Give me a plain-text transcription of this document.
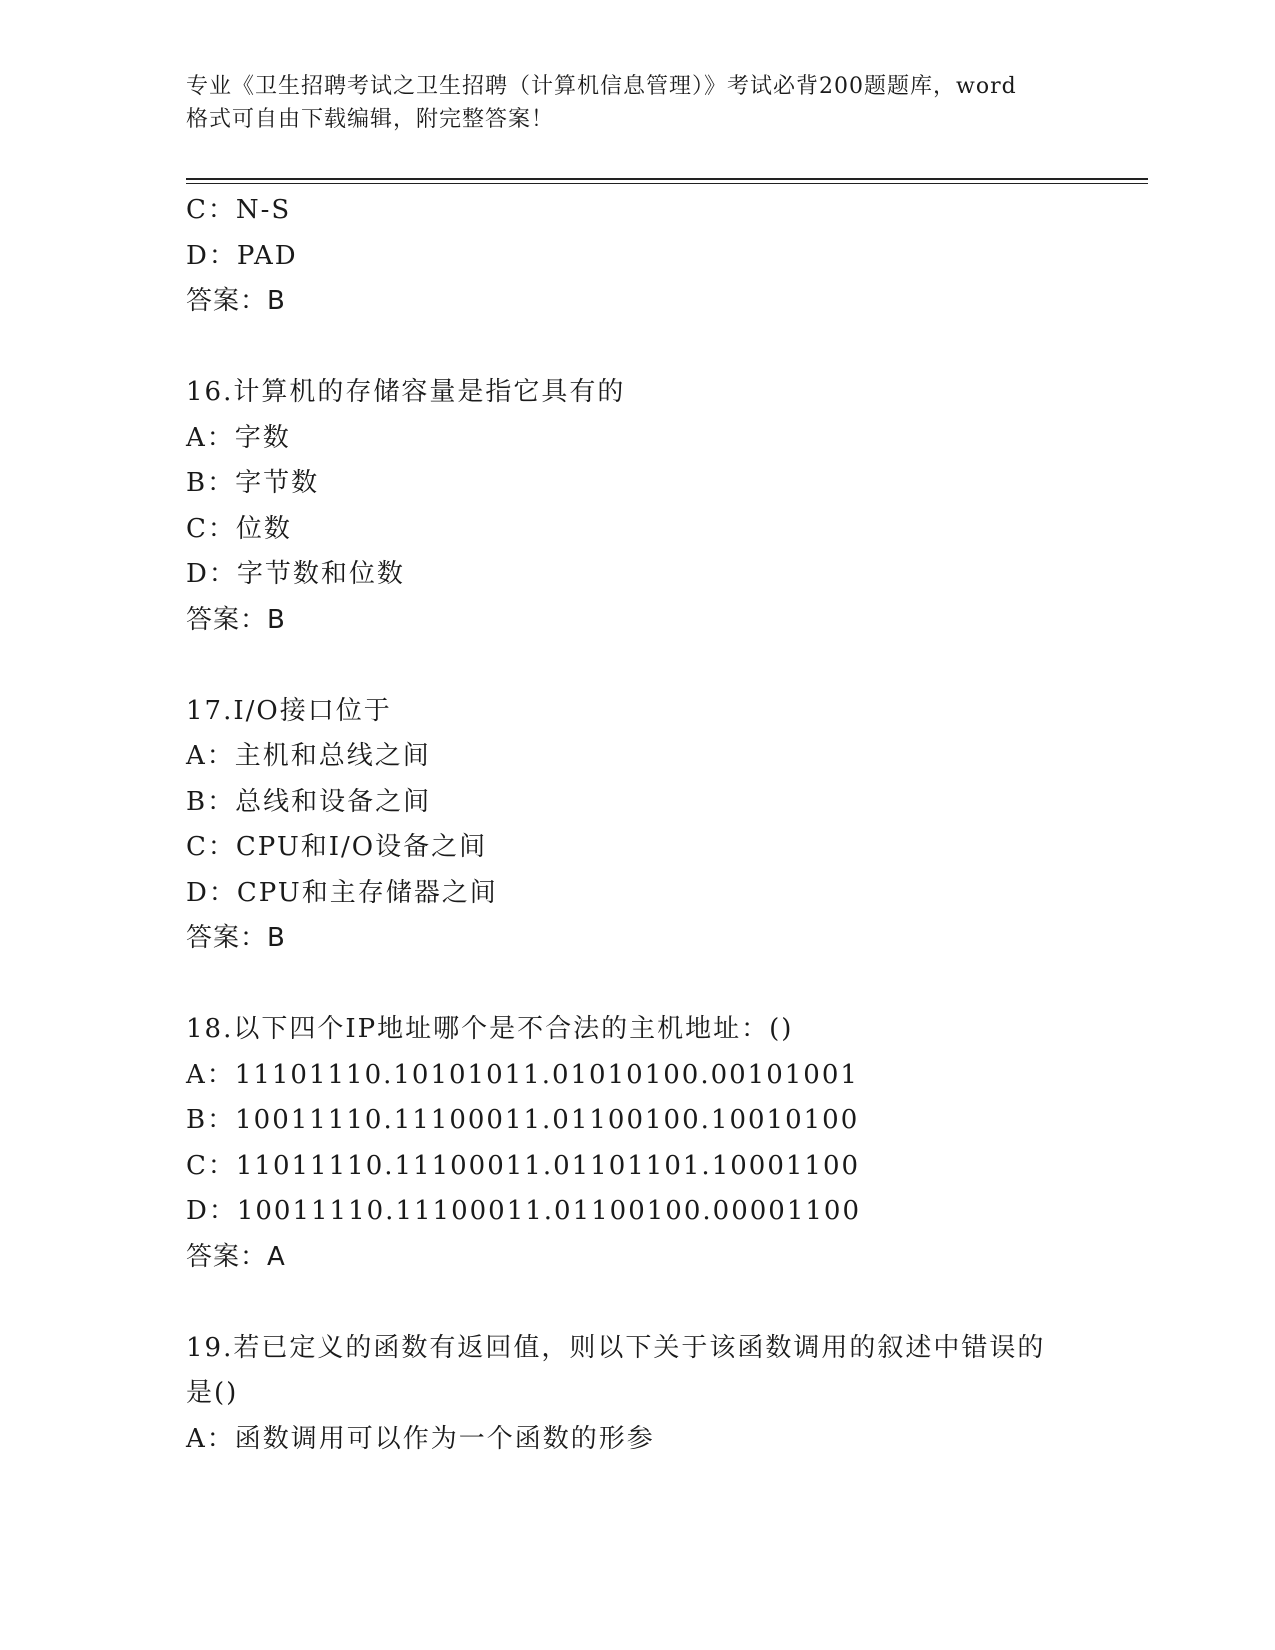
专业《卫生招聘考试之卫生招聘（计算机信息管理）》考试必背200题题库，word
格式可自由下载编辑，附完整答案！
C：N-S
D：PAD
答案：B
16.计算机的存储容量是指它具有的
A：字数
B：字节数
C：位数
D：字节数和位数
答案：B
17.I/O接口位于
A：主机和总线之间
B：总线和设备之间
C：CPU和I/O设备之间
D：CPU和主存储器之间
答案：B
18.以下四个IP地址哪个是不合法的主机地址：()
A：11101110.10101011.01010100.00101001
B：10011110.11100011.01100100.10010100
C：11011110.11100011.01101101.10001100
D：10011110.11100011.01100100.00001100
答案：A
19.若已定义的函数有返回值，则以下关于该函数调用的叙述中错误的
是()
A：函数调用可以作为一个函数的形参
